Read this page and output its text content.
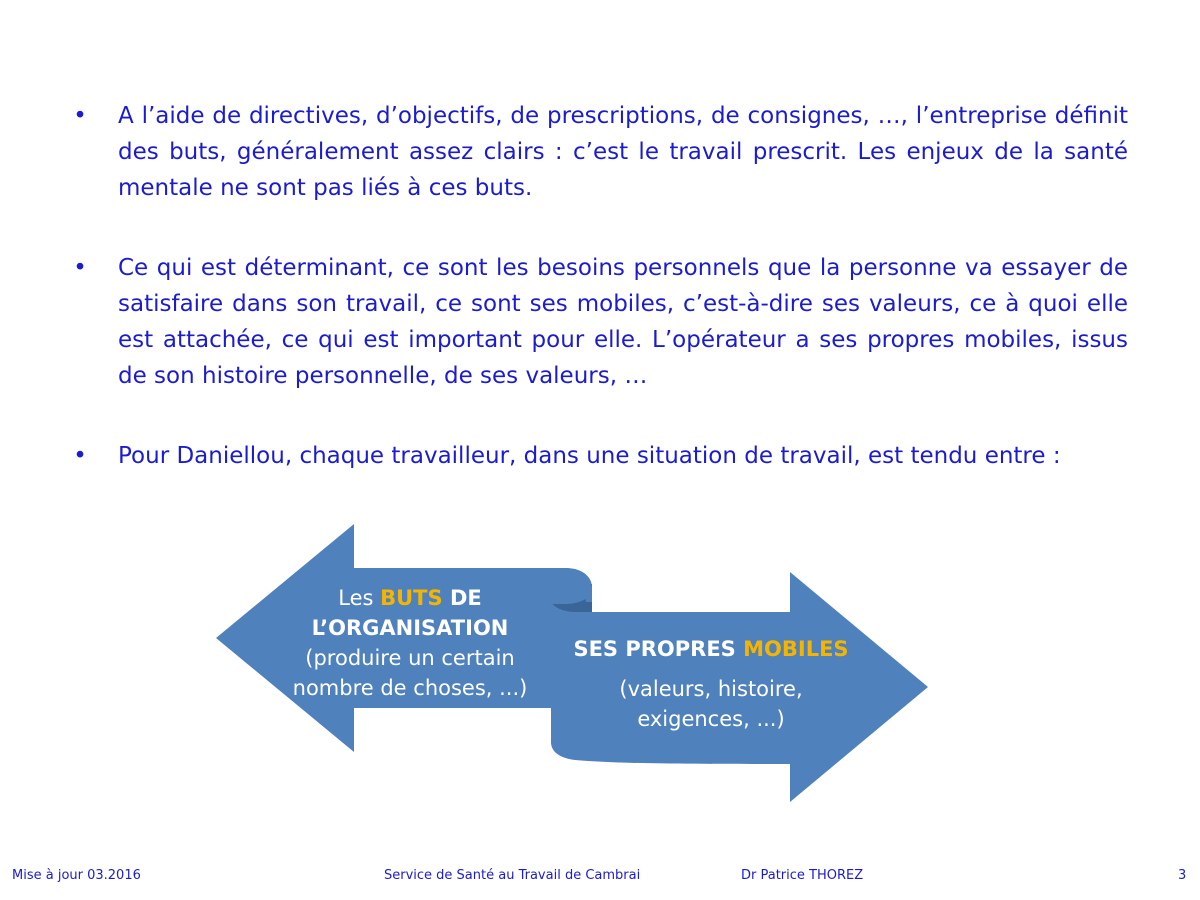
• A l’aide de directives, d’objectifs, de prescriptions, de consignes, …, l’entreprise définit des buts, généralement assez clairs : c’est le travail prescrit. Les enjeux de la santé mentale ne sont pas liés à ces buts.
• Ce qui est déterminant, ce sont les besoins personnels que la personne va essayer de satisfaire dans son travail, ce sont ses mobiles, c’est-à-dire ses valeurs, ce à quoi elle est attachée, ce qui est important pour elle. L’opérateur a ses propres mobiles, issus de son histoire personnelle, de ses valeurs, …
• Pour Daniellou, chaque travailleur, dans une situation de travail, est tendu entre :
Les BUTS DE
L’ORGANISATION
(produire un certain
nombre de choses, ...)
SES PROPRES MOBILES

(valeurs, histoire,
exigences, ...)
Mise à jour 03.2016	Service de Santé au Travail de Cambrai	Dr Patrice THOREZ	3
